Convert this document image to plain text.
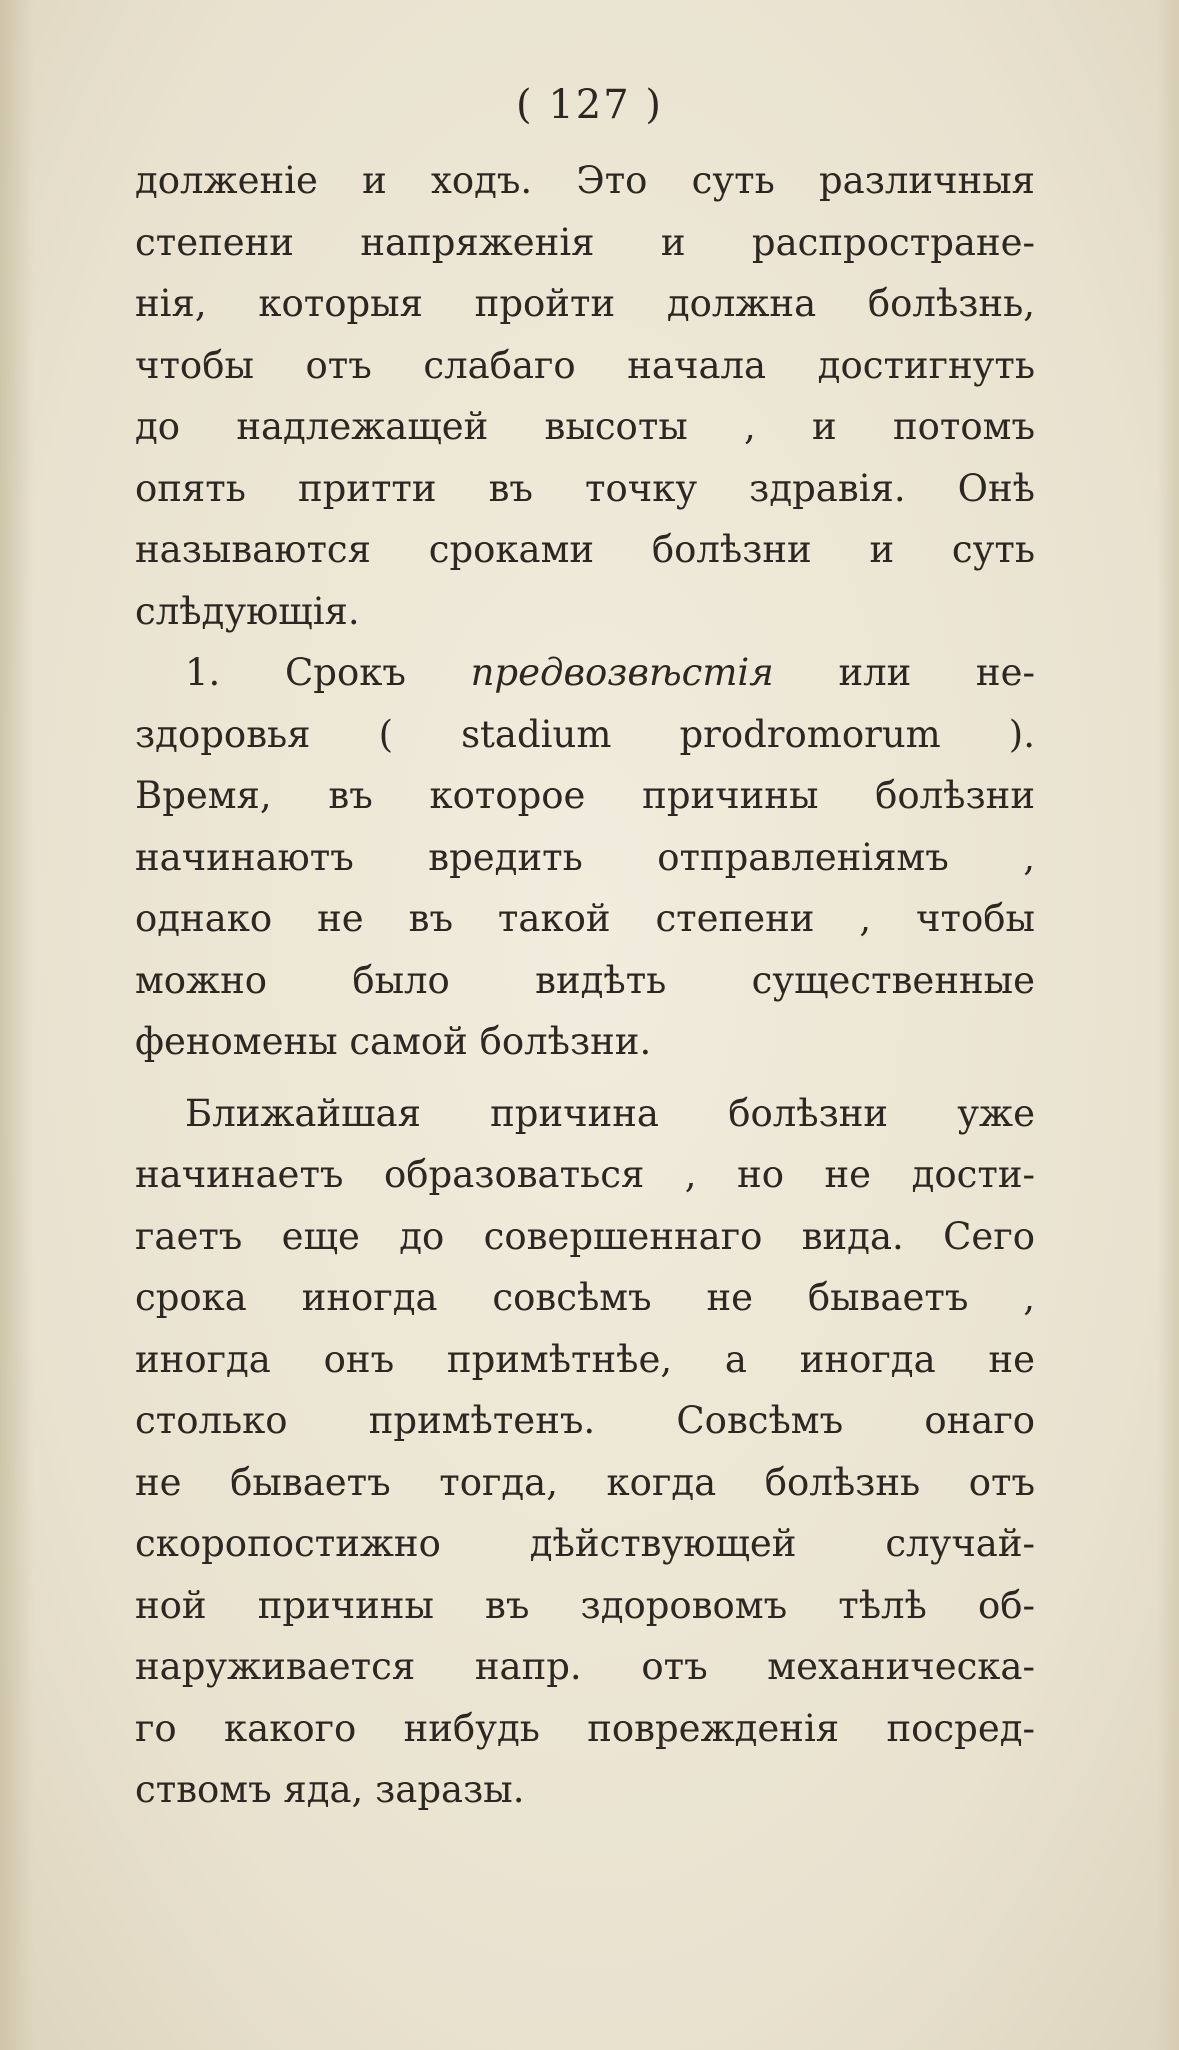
( 127 )
долженіе и ходъ. Это суть различныя
степени напряженія и распростране-
нія, которыя пройти должна болѣзнь,
чтобы отъ слабаго начала достигнуть
до надлежащей высоты , и потомъ
опять притти въ точку здравія. Онѣ
называются сроками болѣзни и суть
слѣдующія.
1. Срокъ предвозвѣстія или не-
здоровья ( stadium prodromorum ).
Время, въ которое причины болѣзни
начинаютъ вредить отправленіямъ ,
однако не въ такой степени , чтобы
можно было видѣть существенные
феномены самой болѣзни.
Ближайшая причина болѣзни уже
начинаетъ образоваться , но не дости-
гаетъ еще до совершеннаго вида. Сего
срока иногда совсѣмъ не бываетъ ,
иногда онъ примѣтнѣе, а иногда не
столько примѣтенъ. Совсѣмъ онаго
не бываетъ тогда, когда болѣзнь отъ
скоропостижно дѣйствующей случай-
ной причины въ здоровомъ тѣлѣ об-
наруживается напр. отъ механическа-
го какого нибудь поврежденія посред-
ствомъ яда, заразы.
